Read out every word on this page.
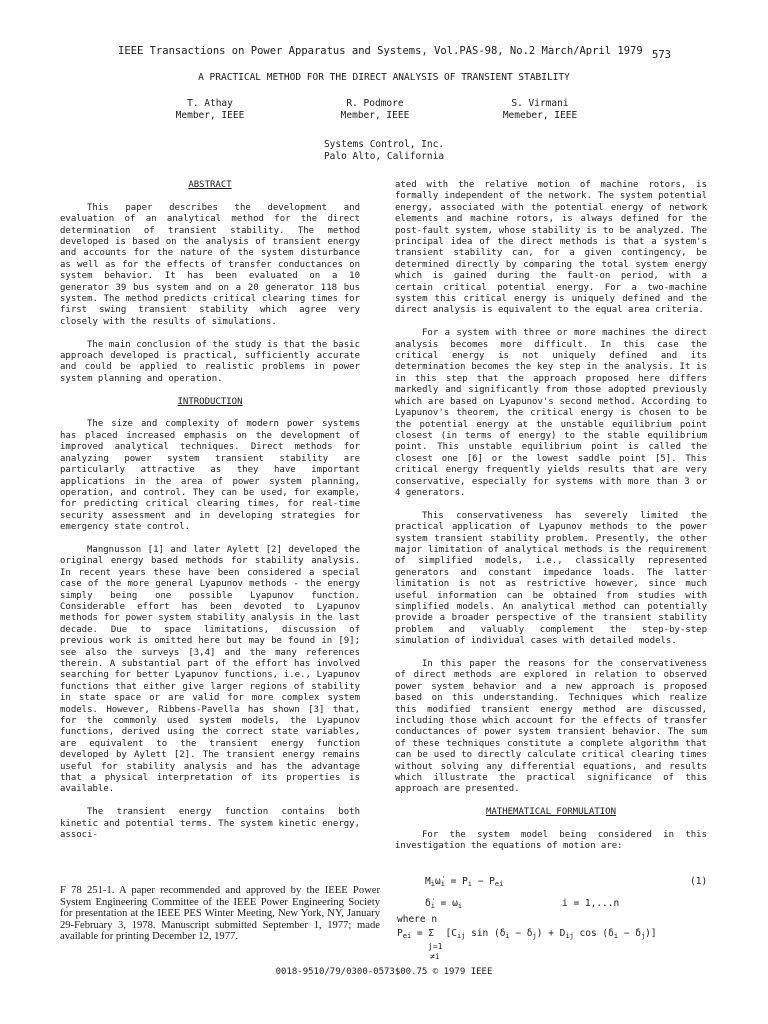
IEEE Transactions on Power Apparatus and Systems, Vol.PAS-98, No.2 March/April 1979 573
A PRACTICAL METHOD FOR THE DIRECT ANALYSIS OF TRANSIENT STABILITY
T. Athay
Member, IEEE
R. Podmore
Member, IEEE
S. Virmani
Memeber, IEEE
Systems Control, Inc.
Palo Alto, California
ABSTRACT

This paper describes the development and evaluation of an analytical method for the direct determination of transient stability. The method developed is based on the analysis of transient energy and accounts for the nature of the system disturbance as well as for the effects of transfer conductances on system behavior. It has been evaluated on a 10 generator 39 bus system and on a 20 generator 118 bus system. The method predicts critical clearing times for first swing transient stability which agree very closely with the results of simulations.

The main conclusion of the study is that the basic approach developed is practical, sufficiently accurate and could be applied to realistic problems in power system planning and operation.

INTRODUCTION

The size and complexity of modern power systems has placed increased emphasis on the development of improved analytical techniques. Direct methods for analyzing power system transient stability are particularly attractive as they have important applications in the area of power system planning, operation, and control. They can be used, for example, for predicting critical clearing times, for real-time security assessment and in developing strategies for emergency state control.

Mangnusson [1] and later Aylett [2] developed the original energy based methods for stability analysis. In recent years these have been considered a special case of the more general Lyapunov methods - the energy simply being one possible Lyapunov function. Considerable effort has been devoted to Lyapunov methods for power system stability analysis in the last decade. Due to space limitations, discussion of previous work is omitted here but may be found in [9]; see also the surveys [3,4] and the many references therein. A substantial part of the effort has involved searching for better Lyapunov functions, i.e., Lyapunov functions that either give larger regions of stability in state space or are valid for more complex system models. However, Ribbens-Pavella has shown [3] that, for the commonly used system models, the Lyapunov functions, derived using the correct state variables, are equivalent to the transient energy function developed by Aylett [2]. The transient energy remains useful for stability analysis and has the advantage that a physical interpretation of its properties is available.

The transient energy function contains both kinetic and potential terms. The system kinetic energy, associ-

ated with the relative motion of machine rotors, is formally independent of the network. The system potential energy, associated with the potential energy of network elements and machine rotors, is always defined for the post-fault system, whose stability is to be analyzed. The principal idea of the direct methods is that a system's transient stability can, for a given contingency, be determined directly by comparing the total system energy which is gained during the fault-on period, with a certain critical potential energy. For a two-machine system this critical energy is uniquely defined and the direct analysis is equivalent to the equal area criteria.

For a system with three or more machines the direct analysis becomes more difficult. In this case the critical energy is not uniquely defined and its determination becomes the key step in the analysis. It is in this step that the approach proposed here differs markedly and significantly from those adopted previously which are based on Lyapunov's second method. According to Lyapunov's theorem, the critical energy is chosen to be the potential energy at the unstable equilibrium point closest (in terms of energy) to the stable equilibrium point. This unstable equilibrium point is called the closest one [6] or the lowest saddle point [5]. This critical energy frequently yields results that are very conservative, especially for systems with more than 3 or 4 generators.

This conservativeness has severely limited the practical application of Lyapunov methods to the power system transient stability problem. Presently, the other major limitation of analytical methods is the requirement of simplified models, i.e., classically represented generators and constant impedance loads. The latter limitation is not as restrictive however, since much useful information can be obtained from studies with simplified models. An analytical method can potentially provide a broader perspective of the transient stability problem and valuably complement the step-by-step simulation of individual cases with detailed models.

In this paper the reasons for the conservativeness of direct methods are explored in relation to observed power system behavior and a new approach is proposed based on this understanding. Techniques which realize this modified transient energy method are discussed, including those which account for the effects of transfer conductances of power system transient behavior. The sum of these techniques constitute a complete algorithm that can be used to directly calculate critical clearing times without solving any differential equations, and results which illustrate the practical significance of this approach are presented.

MATHEMATICAL FORMULATION

For the system model being considered in this investigation the equations of motion are:

$M_i\omegȧ_i = P_i - P_{ei}$	(1)
$\deltȧ_i = \omega_i$	i = 1,...n
where n
$P_{ei} = \Sigma$  [$C_{ij}$ $\sin (\delta_i - \delta_j) + D_{ij}$ $\cos (\delta_i - \delta_j)$]
j=1
≠i
F 78 251-1. A paper recommended and approved by the IEEE Power System Engineering Committee of the IEEE Power Engineering Society for presentation at the IEEE PES Winter Meeting, New York, NY, January 29-February 3, 1978. Manuscript submitted September 1, 1977; made available for printing December 12, 1977.
0018-9510/79/0300-0573$00.75 © 1979 IEEE
